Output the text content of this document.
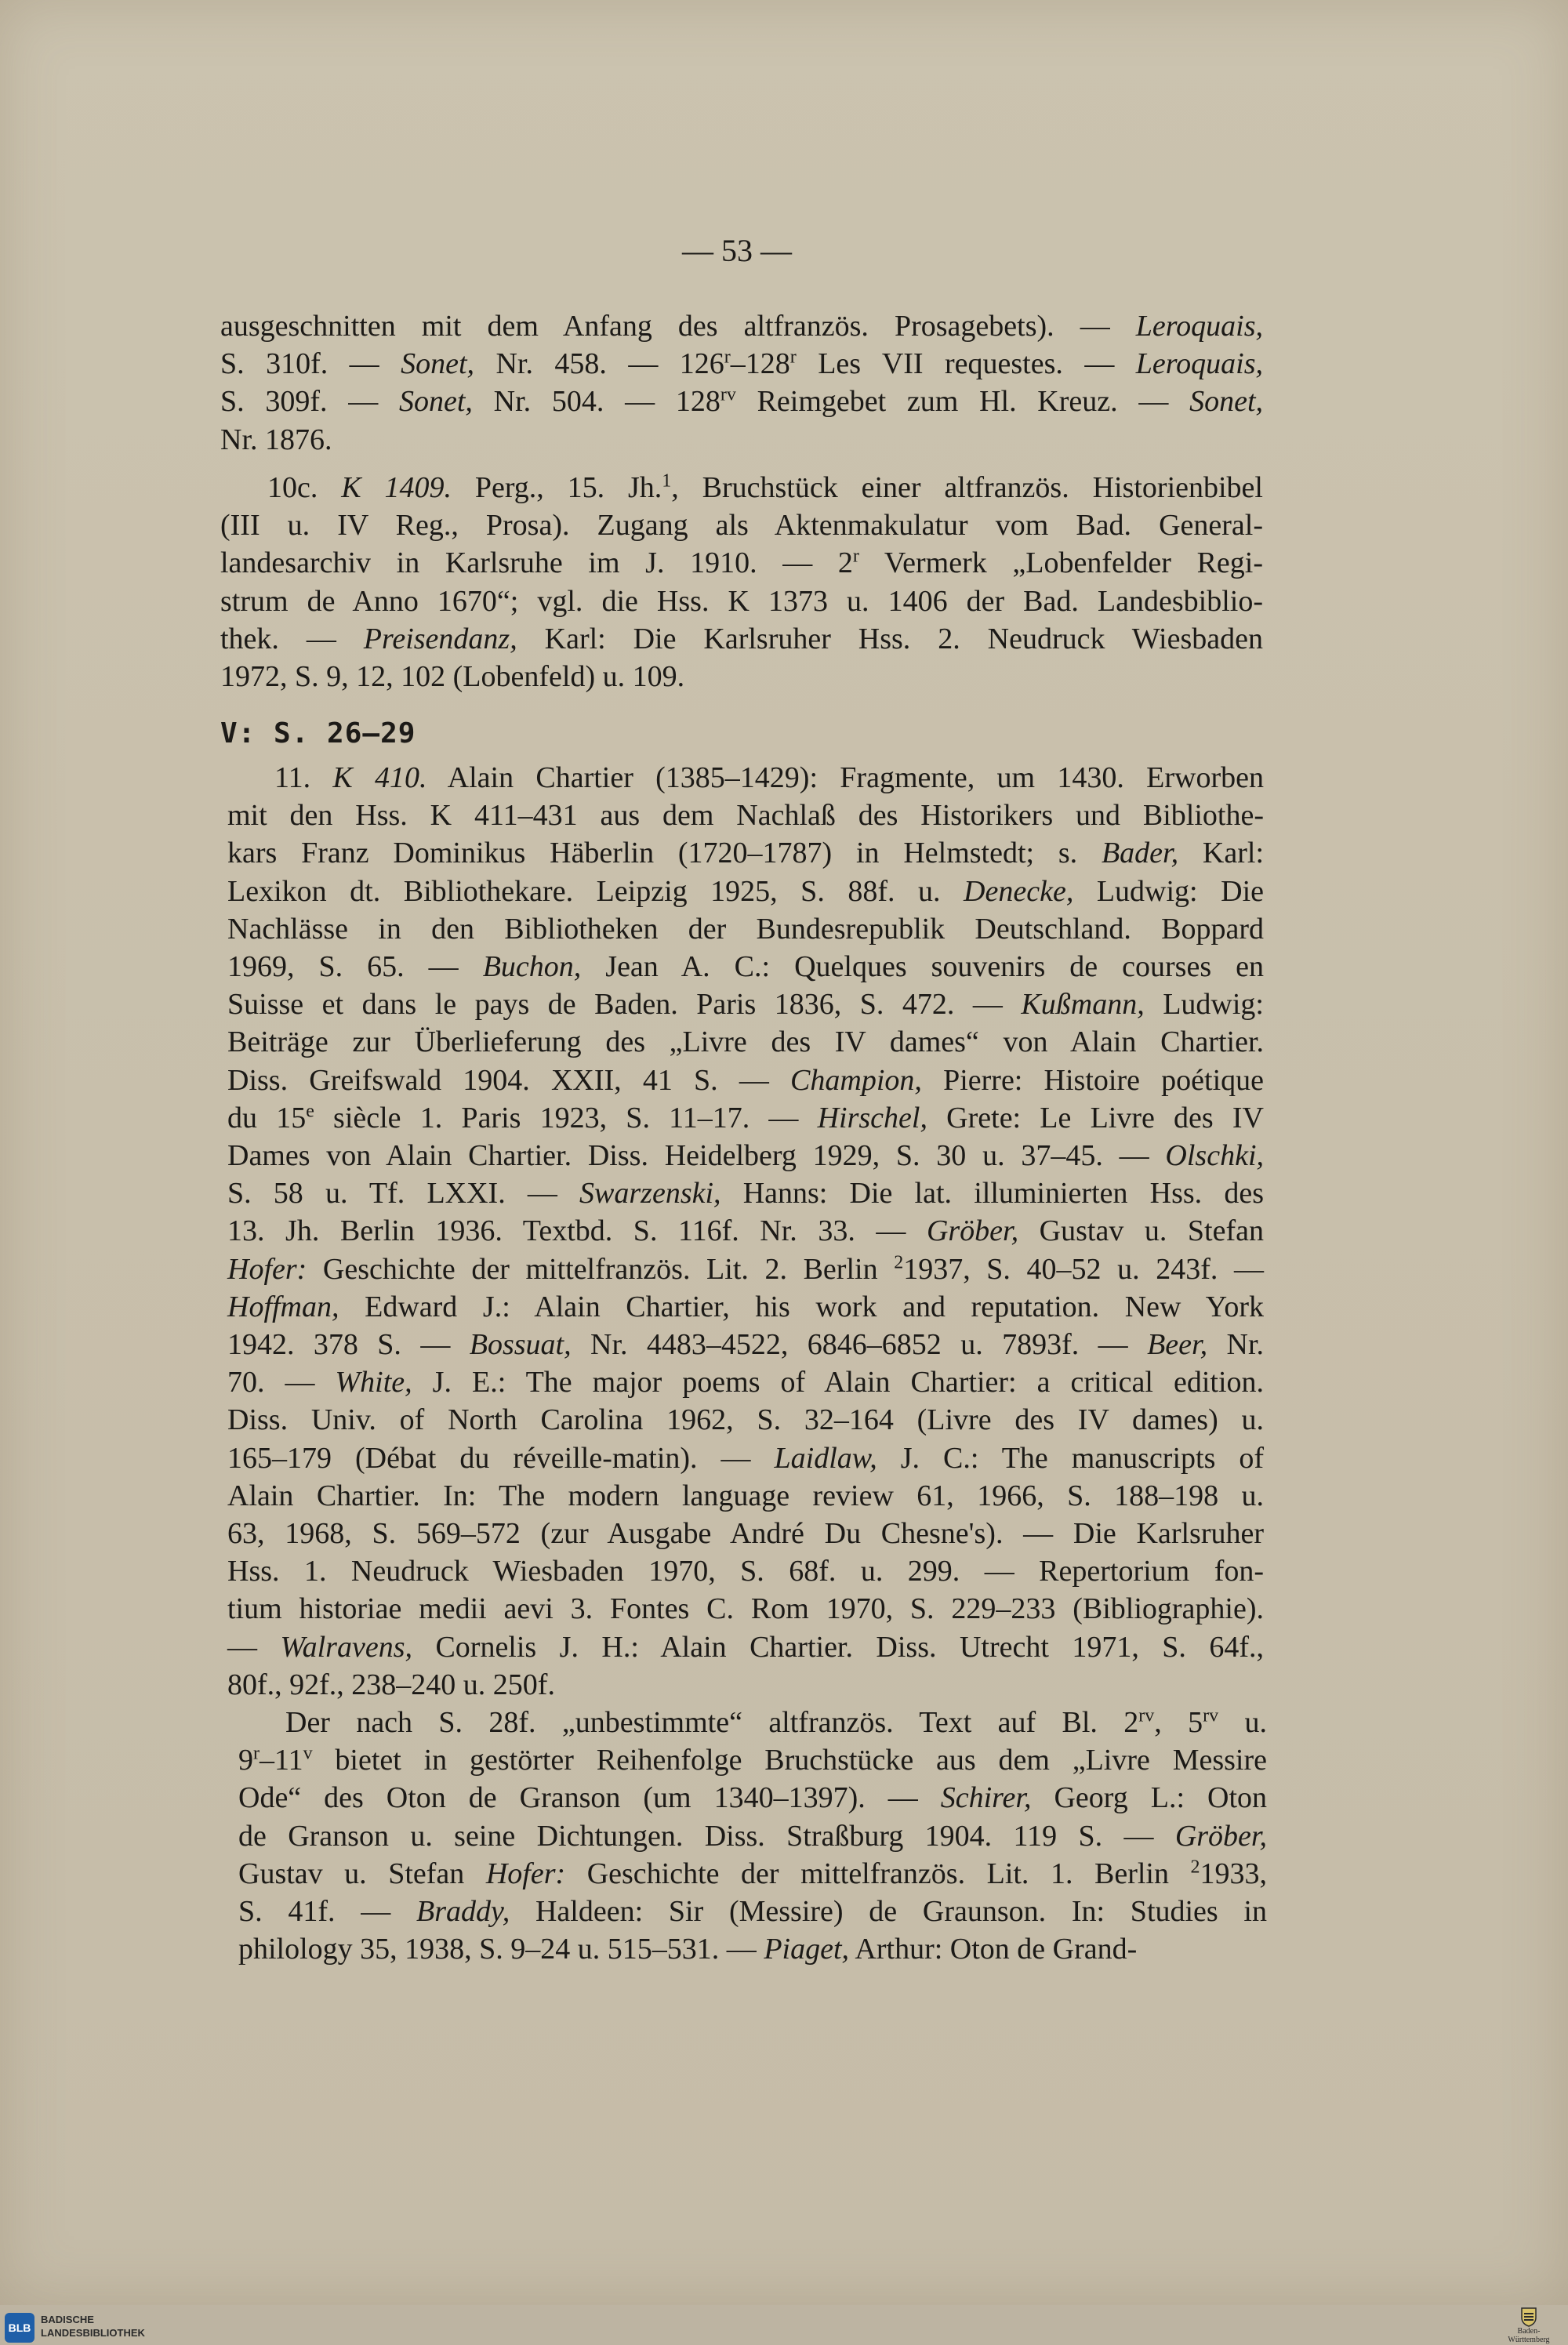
— 53 —
ausgeschnitten mit dem Anfang des altfranzös. Prosagebets). — Leroquais,
S. 310f. — Sonet, Nr. 458. — 126$^r$–128$^r$ Les VII requestes. — Leroquais,
S. 309f. — Sonet, Nr. 504. — $128^{rv}$ Reimgebet zum Hl. Kreuz. — Sonet,
Nr. 1876.
10c. K 1409. Perg., 15. Jh.$^1$, Bruchstück einer altfranzös. Historienbibel
(III u. IV Reg., Prosa). Zugang als Aktenmakulatur vom Bad. General-
landesarchiv in Karlsruhe im J. 1910. — 2$^r$ Vermerk „Lobenfelder Regi-
strum de Anno 1670“; vgl. die Hss. K 1373 u. 1406 der Bad. Landesbiblio-
thek. — Preisendanz, Karl: Die Karlsruher Hss. 2. Neudruck Wiesbaden
1972, S. 9, 12, 102 (Lobenfeld) u. 109.
V: S. 26–29
11. K 410. Alain Chartier (1385–1429): Fragmente, um 1430. Erworben
mit den Hss. K 411–431 aus dem Nachlaß des Historikers und Bibliothe-
kars Franz Dominikus Häberlin (1720–1787) in Helmstedt; s. Bader, Karl:
Lexikon dt. Bibliothekare. Leipzig 1925, S. 88f. u. Denecke, Ludwig: Die
Nachlässe in den Bibliotheken der Bundesrepublik Deutschland. Boppard
1969, S. 65. — Buchon, Jean A. C.: Quelques souvenirs de courses en
Suisse et dans le pays de Baden. Paris 1836, S. 472. — Kußmann, Ludwig:
Beiträge zur Überlieferung des „Livre des IV dames“ von Alain Chartier.
Diss. Greifswald 1904. XXII, 41 S. — Champion, Pierre: Histoire poétique
du 15e siècle 1. Paris 1923, S. 11–17. — Hirschel, Grete: Le Livre des IV
Dames von Alain Chartier. Diss. Heidelberg 1929, S. 30 u. 37–45. — Olschki,
S. 58 u. Tf. LXXI. — Swarzenski, Hanns: Die lat. illuminierten Hss. des
13. Jh. Berlin 1936. Textbd. S. 116f. Nr. 33. — Gröber, Gustav u. Stefan
Hofer: Geschichte der mittelfranzös. Lit. 2. Berlin $^2$1937, S. 40–52 u. 243f. —
Hoffman, Edward J.: Alain Chartier, his work and reputation. New York
1942. 378 S. — Bossuat, Nr. 4483–4522, 6846–6852 u. 7893f. — Beer, Nr.
70. — White, J. E.: The major poems of Alain Chartier: a critical edition.
Diss. Univ. of North Carolina 1962, S. 32–164 (Livre des IV dames) u.
165–179 (Débat du réveille-matin). — Laidlaw, J. C.: The manuscripts of
Alain Chartier. In: The modern language review 61, 1966, S. 188–198 u.
63, 1968, S. 569–572 (zur Ausgabe André Du Chesne's). — Die Karlsruher
Hss. 1. Neudruck Wiesbaden 1970, S. 68f. u. 299. — Repertorium fon-
tium historiae medii aevi 3. Fontes C. Rom 1970, S. 229–233 (Bibliographie).
— Walravens, Cornelis J. H.: Alain Chartier. Diss. Utrecht 1971, S. 64f.,
80f., 92f., 238–240 u. 250f.
Der nach S. 28f. „unbestimmte“ altfranzös. Text auf Bl. $2^{rv}$, $5^{rv}$ u.
9$^r$–11$^v$ bietet in gestörter Reihenfolge Bruchstücke aus dem „Livre Messire
Ode“ des Oton de Granson (um 1340–1397). — Schirer, Georg L.: Oton
de Granson u. seine Dichtungen. Diss. Straßburg 1904. 119 S. — Gröber,
Gustav u. Stefan Hofer: Geschichte der mittelfranzös. Lit. 1. Berlin $^2$1933,
S. 41f. — Braddy, Haldeen: Sir (Messire) de Graunson. In: Studies in
philology 35, 1938, S. 9–24 u. 515–531. — Piaget, Arthur: Oton de Grand-
BLB
BADISCHE
LANDESBIBLIOTHEK	Baden-Württemberg
